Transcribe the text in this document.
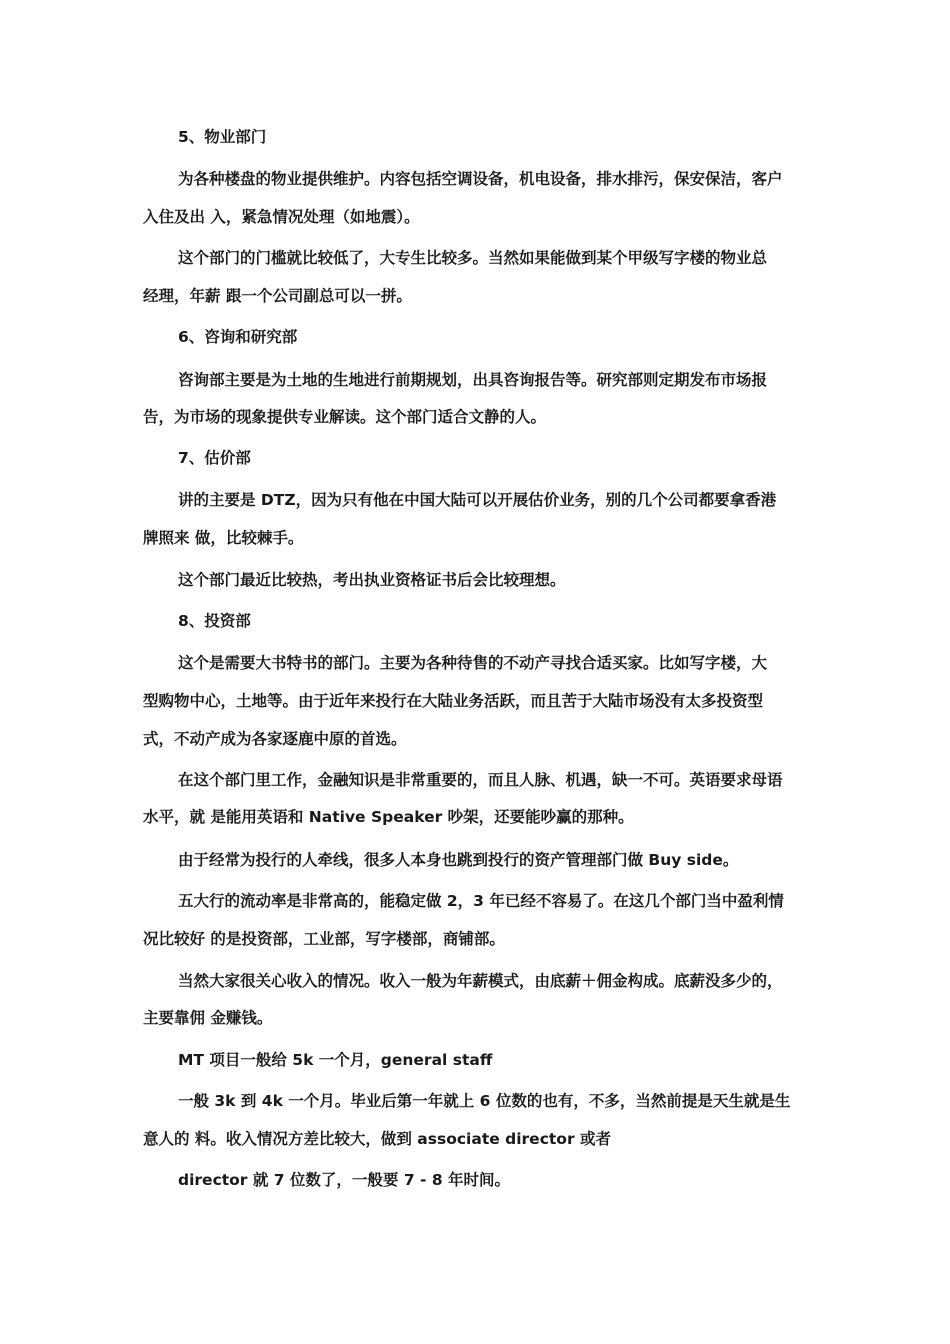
5、物业部门

为各种楼盘的物业提供维护。内容包括空调设备，机电设备，排水排污，保安保洁，客户
入住及出 入，紧急情况处理（如地震）。
这个部门的门槛就比较低了，大专生比较多。当然如果能做到某个甲级写字楼的物业总
经理，年薪 跟一个公司副总可以一拼。

6、咨询和研究部

咨询部主要是为土地的生地进行前期规划，出具咨询报告等。研究部则定期发布市场报
告，为市场的现象提供专业解读。这个部门适合文静的人。

7、估价部

讲的主要是 DTZ，因为只有他在中国大陆可以开展估价业务，别的几个公司都要拿香港
牌照来 做，比较棘手。
这个部门最近比较热，考出执业资格证书后会比较理想。

8、投资部

这个是需要大书特书的部门。主要为各种待售的不动产寻找合适买家。比如写字楼，大
型购物中心，土地等。由于近年来投行在大陆业务活跃，而且苦于大陆市场没有太多投资型
式，不动产成为各家逐鹿中原的首选。
在这个部门里工作，金融知识是非常重要的，而且人脉、机遇，缺一不可。英语要求母语
水平，就 是能用英语和 Native Speaker 吵架，还要能吵赢的那种。
由于经常为投行的人牵线，很多人本身也跳到投行的资产管理部门做 Buy side。
五大行的流动率是非常高的，能稳定做 2，3 年已经不容易了。在这几个部门当中盈利情
况比较好 的是投资部，工业部，写字楼部，商铺部。
当然大家很关心收入的情况。收入一般为年薪模式，由底薪＋佣金构成。底薪没多少的，
主要靠佣 金赚钱。
MT 项目一般给 5k 一个月，general staff
一般 3k 到 4k 一个月。毕业后第一年就上 6 位数的也有，不多，当然前提是天生就是生
意人的 料。收入情况方差比较大，做到 associate director 或者
director 就 7 位数了，一般要 7 - 8 年时间。
